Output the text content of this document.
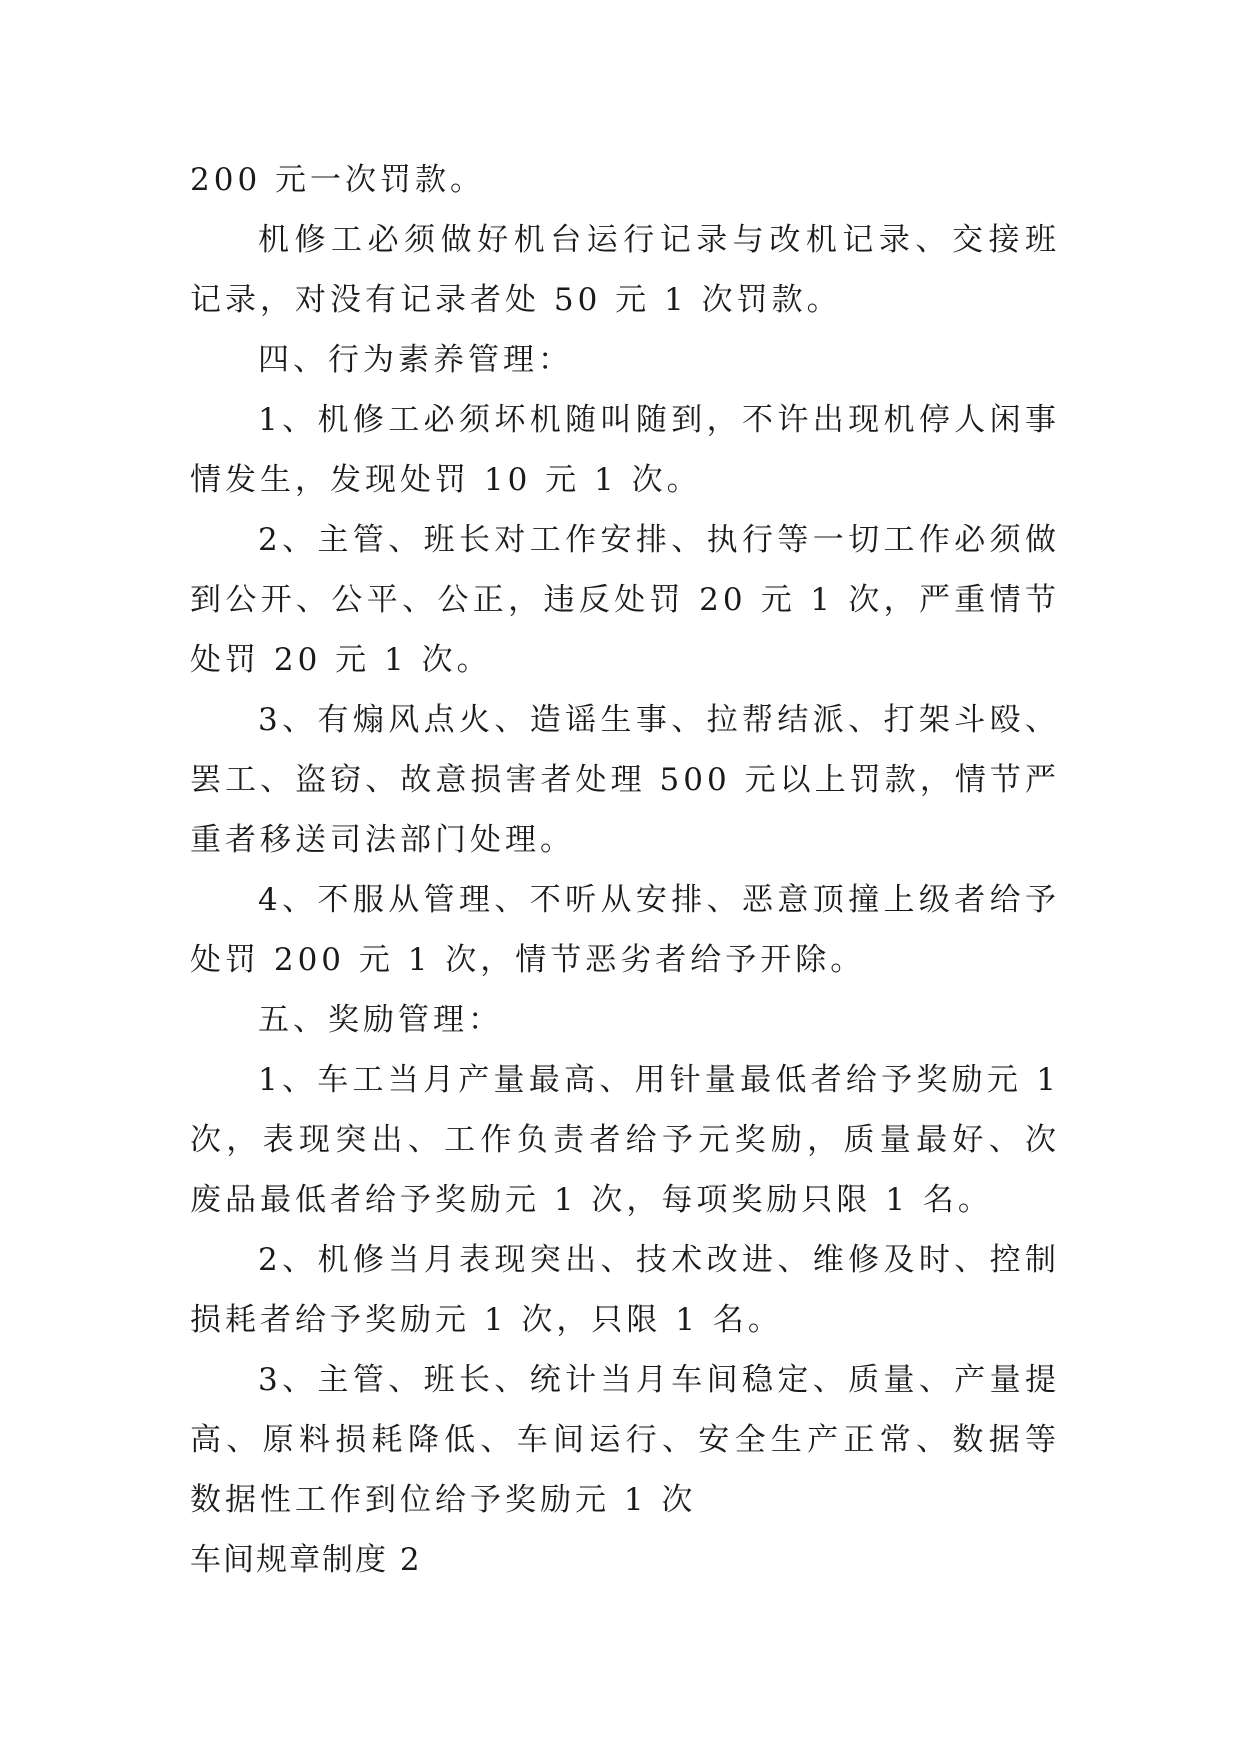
200 元一次罚款。

机修工必须做好机台运行记录与改机记录、交接班记录，对没有记录者处 50 元 1 次罚款。

四、行为素养管理：

1、机修工必须坏机随叫随到，不许出现机停人闲事情发生，发现处罚 10 元 1 次。

2、主管、班长对工作安排、执行等一切工作必须做到公开、公平、公正，违反处罚 20 元 1 次，严重情节处罚 20 元 1 次。

3、有煽风点火、造谣生事、拉帮结派、打架斗殴、罢工、盗窃、故意损害者处理 500 元以上罚款，情节严重者移送司法部门处理。

4、不服从管理、不听从安排、恶意顶撞上级者给予处罚 200 元 1 次，情节恶劣者给予开除。

五、奖励管理：

1、车工当月产量最高、用针量最低者给予奖励元 1 次，表现突出、工作负责者给予元奖励，质量最好、次废品最低者给予奖励元 1 次，每项奖励只限 1 名。

2、机修当月表现突出、技术改进、维修及时、控制损耗者给予奖励元 1 次，只限 1 名。

3、主管、班长、统计当月车间稳定、质量、产量提高、原料损耗降低、车间运行、安全生产正常、数据等数据性工作到位给予奖励元 1 次

车间规章制度 2
